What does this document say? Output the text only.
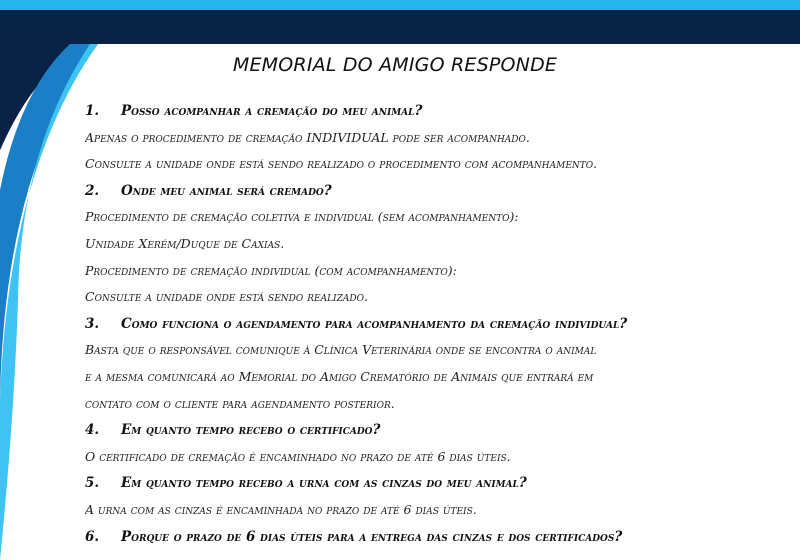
MEMORIAL DO AMIGO RESPONDE
1. Posso acompanhar a cremação do meu animal?
Apenas o procedimento de cremação INDIVIDUAL pode ser acompanhado.
Consulte a unidade onde está sendo realizado o procedimento com acompanhamento.
2. Onde meu animal será cremado?
Procedimento de cremação coletiva e individual (sem acompanhamento):
Unidade Xerém/Duque de Caxias.
Procedimento de cremação individual (com acompanhamento):
Consulte a unidade onde está sendo realizado.
3. Como funciona o agendamento para acompanhamento da cremação individual?
Basta que o responsável comunique à Clínica Veterinária onde se encontra o animal
e a mesma comunicará ao Memorial do Amigo Crematório de Animais que entrará em
contato com o cliente para agendamento posterior.
4. Em quanto tempo recebo o certificado?
O certificado de cremação é encaminhado no prazo de até 6 dias úteis.
5. Em quanto tempo recebo a urna com as cinzas do meu animal?
A urna com as cinzas é encaminhada no prazo de até 6 dias úteis.
6. Porque o prazo de 6 dias úteis para a entrega das cinzas e dos certificados?
